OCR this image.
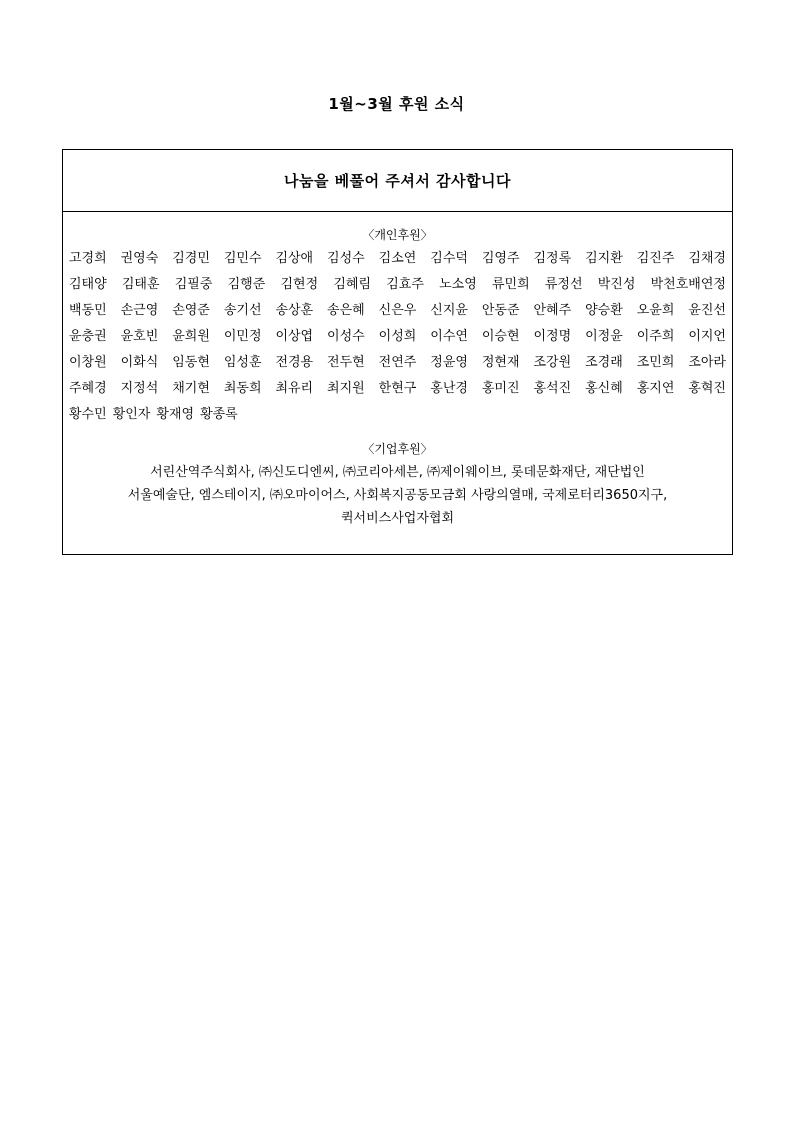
1월~3월 후원 소식
나눔을 베풀어 주셔서 감사합니다
〈개인후원〉
고경희 권영숙 김경민 김민수 김상애 김성수 김소연 김수덕 김영주 김정록 김지환 김진주 김채경
김태양 김태훈 김필중 김행준 김현정 김혜림 김효주 노소영 류민희 류정선 박진성 박천호배연정
백동민 손근영 손영준 송기선 송상훈 송은혜 신은우 신지윤 안동준 안혜주 양승환 오윤희 윤진선
윤충권 윤호빈 윤희원 이민정 이상엽 이성수 이성희 이수연 이승현 이정명 이정윤 이주희 이지언
이창원 이화식 임동현 임성훈 전경용 전두현 전연주 정윤영 정현재 조강원 조경래 조민희 조아라
주혜경 지정석 채기현 최동희 최유리 최지원 한현구 홍난경 홍미진 홍석진 홍신혜 홍지연 홍혁진
황수민 황인자 황재영 황종록
〈기업후원〉
서린산역주식회사, ㈜신도디엔씨, ㈜코리아세븐, ㈜제이웨이브, 롯데문화재단, 재단법인
서울예술단, 엠스테이지, ㈜오마이어스, 사회복지공동모금회 사랑의열매, 국제로터리3650지구,
퀵서비스사업자협회
